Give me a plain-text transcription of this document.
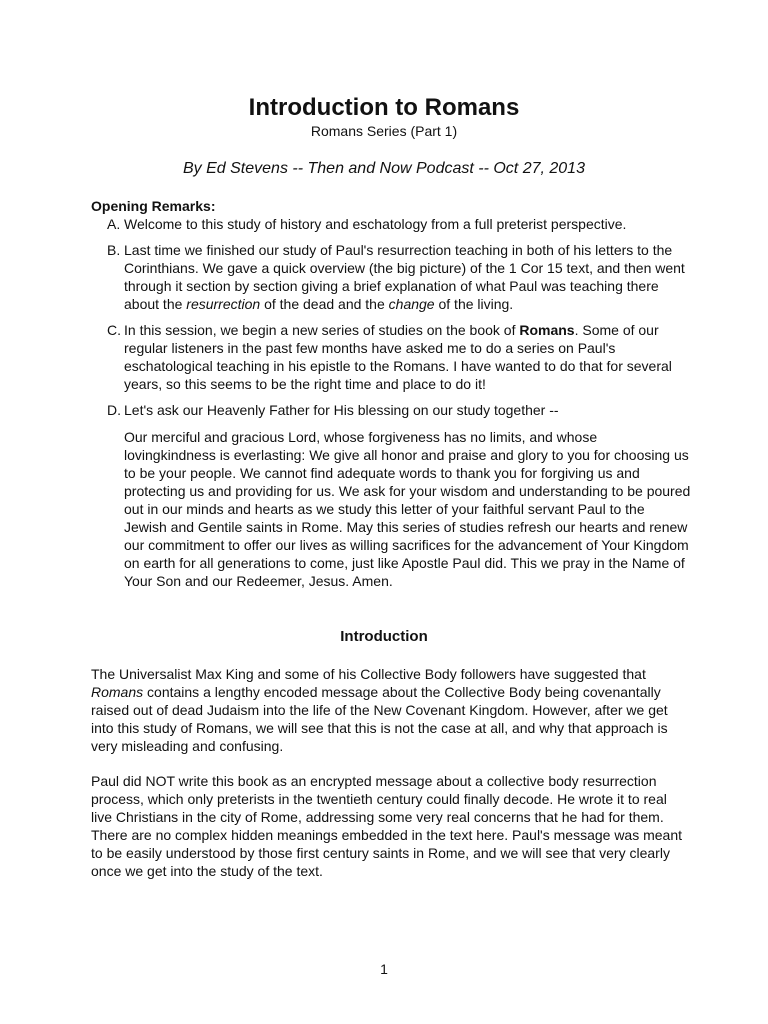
Introduction to Romans
Romans Series (Part 1)
By Ed Stevens -- Then and Now Podcast -- Oct 27, 2013
Opening Remarks:
A. Welcome to this study of history and eschatology from a full preterist perspective.
B. Last time we finished our study of Paul's resurrection teaching in both of his letters to the Corinthians. We gave a quick overview (the big picture) of the 1 Cor 15 text, and then went through it section by section giving a brief explanation of what Paul was teaching there about the resurrection of the dead and the change of the living.
C. In this session, we begin a new series of studies on the book of Romans. Some of our regular listeners in the past few months have asked me to do a series on Paul's eschatological teaching in his epistle to the Romans. I have wanted to do that for several years, so this seems to be the right time and place to do it!
D. Let's ask our Heavenly Father for His blessing on our study together --
Our merciful and gracious Lord, whose forgiveness has no limits, and whose lovingkindness is everlasting: We give all honor and praise and glory to you for choosing us to be your people. We cannot find adequate words to thank you for forgiving us and protecting us and providing for us. We ask for your wisdom and understanding to be poured out in our minds and hearts as we study this letter of your faithful servant Paul to the Jewish and Gentile saints in Rome. May this series of studies refresh our hearts and renew our commitment to offer our lives as willing sacrifices for the advancement of Your Kingdom on earth for all generations to come, just like Apostle Paul did. This we pray in the Name of Your Son and our Redeemer, Jesus. Amen.
Introduction
The Universalist Max King and some of his Collective Body followers have suggested that Romans contains a lengthy encoded message about the Collective Body being covenantally raised out of dead Judaism into the life of the New Covenant Kingdom. However, after we get into this study of Romans, we will see that this is not the case at all, and why that approach is very misleading and confusing.
Paul did NOT write this book as an encrypted message about a collective body resurrection process, which only preterists in the twentieth century could finally decode. He wrote it to real live Christians in the city of Rome, addressing some very real concerns that he had for them. There are no complex hidden meanings embedded in the text here. Paul's message was meant to be easily understood by those first century saints in Rome, and we will see that very clearly once we get into the study of the text.
1
